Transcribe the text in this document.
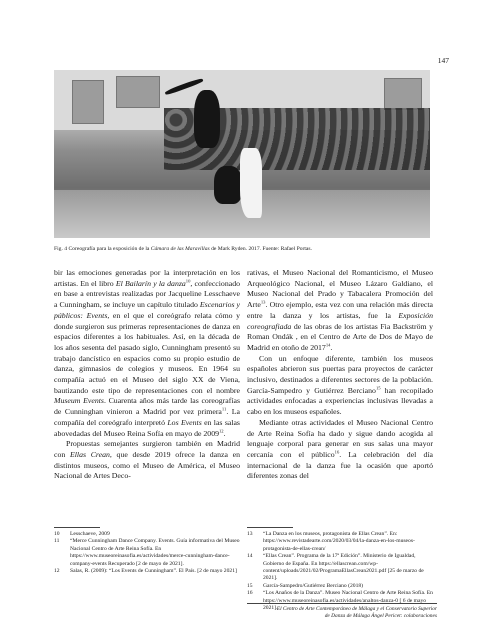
147
Fig. 4 Coreografía para la exposición de la Cámara de las Maravillas de Mark Ryden. 2017. Fuente: Rafael Portas.

bir las emociones generadas por la interpretación en los artistas. En el libro El Bailarín y la danza$^{10}$, confeccionado en base a entrevistas realizadas por Jacqueline Lesschaeve a Cunningham, se incluye un capítulo titulado Escenarios y públicos: Events, en el que el coreógrafo relata cómo y donde surgieron sus primeras representaciones de danza en espacios diferentes a los habituales. Así, en la década de los años sesenta del pasado siglo, Cunningham presentó su trabajo dancístico en espacios como su propio estudio de danza, gimnasios de colegios y museos. En 1964 su compañía actuó en el Museo del siglo XX de Viena, bautizando este tipo de representaciones con el nombre Museum Events. Cuarenta años más tarde las coreografías de Cunninghan vinieron a Madrid por vez primera$^{11}$. La compañía del coreógrafo interpretó Los Events en las salas abovedadas del Museo Reina Sofía en mayo de 2009$^{12}$.

Propuestas semejantes surgieron también en Madrid con Ellas Crean, que desde 2019 ofrece la danza en distintos museos, como el Museo de América, el Museo Nacional de Artes Deco-

rativas, el Museo Nacional del Romanticismo, el Museo Arqueológico Nacional, el Museo Lázaro Galdiano, el Museo Nacional del Prado y Tabacalera Promoción del Arte$^{13}$. Otro ejemplo, esta vez con una relación más directa entre la danza y los artistas, fue la Exposición coreografiada de las obras de los artistas Fia Backström y Roman Ondák , en el Centro de Arte de Dos de Mayo de Madrid en otoño de 2017$^{14}$.

Con un enfoque diferente, también los museos españoles abrieron sus puertas para proyectos de carácter inclusivo, destinados a diferentes sectores de la población. García-Sampedro y Gutiérrez Berciano$^{15}$ han recopilado actividades enfocadas a experiencias inclusivas llevadas a cabo en los museos españoles.

Mediante otras actividades el Museo Nacional Centro de Arte Reina Sofía ha dado y sigue dando acogida al lenguaje corporal para generar en sus salas una mayor cercanía con el público$^{16}$. La celebración del día internacional de la danza fue la ocasión que aportó diferentes zonas del

10	Lesschaeve, 2009
11	“Merce Cunningham Dance Company. Events. Guía informativa del Museo Nacional Centro de Arte Reina Sofía. En https://www.museoreinasofia.es/actividades/merce-cunningham-dance-company-events Recuperado [2 de mayo de 2021].
12	Salas, R. (2009): “Los Events de Cunningham”. El País. [2 de mayo 2021]
13	“La Danza en los museos, protagonista de Ellas Crean”. En: https://www.revistadearte.com/2020/03/04/la-danza-en-los-museos-protagonista-de-ellas-crean/
14	“Ellas Crean”. Programa de la 17ª Edición”. Ministerio de Igualdad, Gobierno de España. En https://ellascrean.com/wp-content/uploads/2021/02/ProgramaEllasCrean2021.pdf [25 de marzo de 2021].
15	García-Sampedro/Gutiérrez Berciano (2018)
16	“Los Anaños de la Danza”. Museo Nacional Centro de Arte Reina Sofía. En https://www.museoreinasofia.es/actividades/analtos-danza-0 [ 6 de mayo 2021]. El Centro de Arte Contemporáneo de Málaga y el Conservatorio Superior
de Danza de Málaga Ángel Pericet: colaboraciones
